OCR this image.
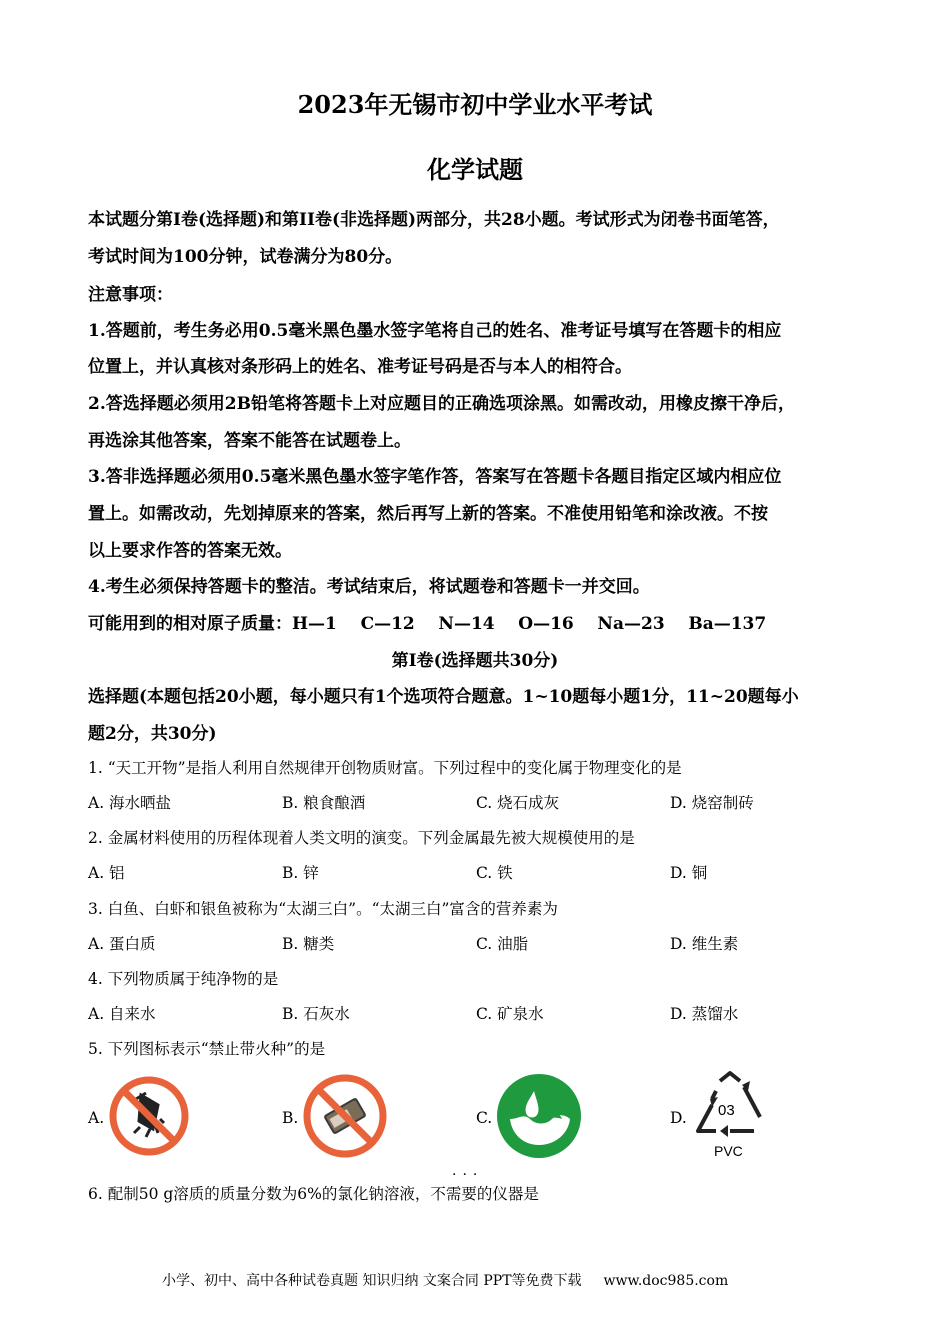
2023年无锡市初中学业水平考试
化学试题
本试题分第I卷(选择题)和第II卷(非选择题)两部分，共28小题。考试形式为闭卷书面笔答，
考试时间为100分钟，试卷满分为80分。
注意事项：
1.答题前，考生务必用0.5毫米黑色墨水签字笔将自己的姓名、准考证号填写在答题卡的相应
位置上，并认真核对条形码上的姓名、准考证号码是否与本人的相符合。
2.答选择题必须用2B铅笔将答题卡上对应题目的正确选项涂黑。如需改动，用橡皮擦干净后，
再选涂其他答案，答案不能答在试题卷上。
3.答非选择题必须用0.5毫米黑色墨水签字笔作答，答案写在答题卡各题目指定区域内相应位
置上。如需改动，先划掉原来的答案，然后再写上新的答案。不准使用铅笔和涂改液。不按
以上要求作答的答案无效。
4.考生必须保持答题卡的整洁。考试结束后，将试题卷和答题卡一并交回。
可能用到的相对原子质量：H—1    C—12    N—14    O—16    Na—23    Ba—137
第I卷(选择题共30分)
选择题(本题包括20小题，每小题只有1个选项符合题意。1~10题每小题1分，11~20题每小
题2分，共30分)
1. “天工开物”是指人利用自然规律开创物质财富。下列过程中的变化属于物理变化的是
A. 海水晒盐	B. 粮食酿酒	C. 烧石成灰	D. 烧窑制砖
2. 金属材料使用的历程体现着人类文明的演变。下列金属最先被大规模使用的是
A. 铝	B. 锌	C. 铁	D. 铜
3. 白鱼、白虾和银鱼被称为“太湖三白”。“太湖三白”富含的营养素为
A. 蛋白质	B. 糖类	C. 油脂	D. 维生素
4. 下列物质属于纯净物的是
A. 自来水	B. 石灰水	C. 矿泉水	D. 蒸馏水
5. 下列图标表示“禁止带火种”的是
A.	B.	C.	D. 03
PVC
···
6. 配制50 g溶质的质量分数为6%的氯化钠溶液，不需要的仪器是
小学、初中、高中各种试卷真题 知识归纳 文案合同 PPT等免费下载 www.doc985.com
